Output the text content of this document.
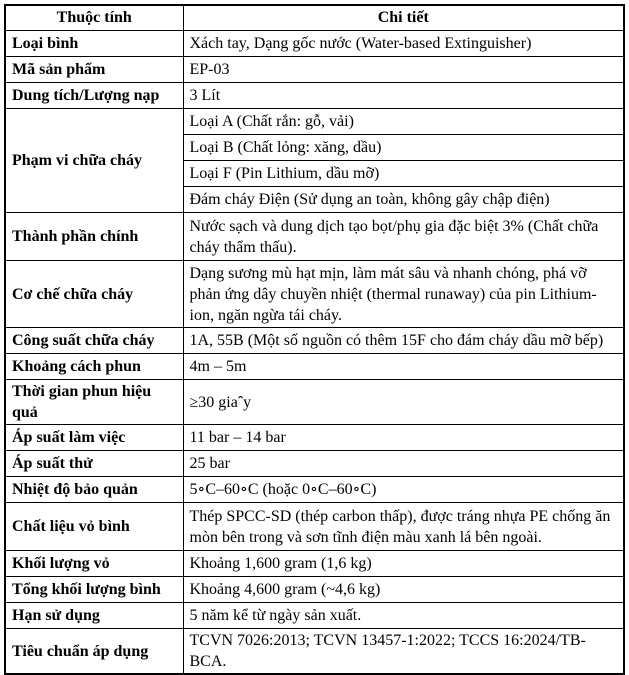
Thuộc tính	Chi tiết
Loại bình	Xách tay, Dạng gốc nước (Water-based Extinguisher)
Mã sản phẩm	EP-03
Dung tích/Lượng nạp	3 Lít
Phạm vi chữa cháy	Loại A (Chất rắn: gỗ, vải)
	Loại B (Chất lỏng: xăng, dầu)
	Loại F (Pin Lithium, dầu mỡ)
	Đám cháy Điện (Sử dụng an toàn, không gây chập điện)
Thành phần chính	Nước sạch và dung dịch tạo bọt/phụ gia đặc biệt 3% (Chất chữa cháy thẩm thấu).
Cơ chế chữa cháy	Dạng sương mù hạt mịn, làm mát sâu và nhanh chóng, phá vỡ phản ứng dây chuyền nhiệt (thermal runaway) của pin Lithium-ion, ngăn ngừa tái cháy.
Công suất chữa cháy	1A, 55B (Một số nguồn có thêm 15F cho đám cháy dầu mỡ bếp)
Khoảng cách phun	4m – 5m
Thời gian phun hiệu quả	≥30 giaˆy
Áp suất làm việc	11 bar – 14 bar
Áp suất thử	25 bar
Nhiệt độ bảo quản	5∘C–60∘C (hoặc 0∘C–60∘C)
Chất liệu vỏ bình	Thép SPCC-SD (thép carbon thấp), được tráng nhựa PE chống ăn mòn bên trong và sơn tĩnh điện màu xanh lá bên ngoài.
Khối lượng vỏ	Khoảng 1,600 gram (1,6 kg)
Tổng khối lượng bình	Khoảng 4,600 gram (~4,6 kg)
Hạn sử dụng	5 năm kể từ ngày sản xuất.
Tiêu chuẩn áp dụng	TCVN 7026:2013; TCVN 13457-1:2022; TCCS 16:2024/TB-BCA.
